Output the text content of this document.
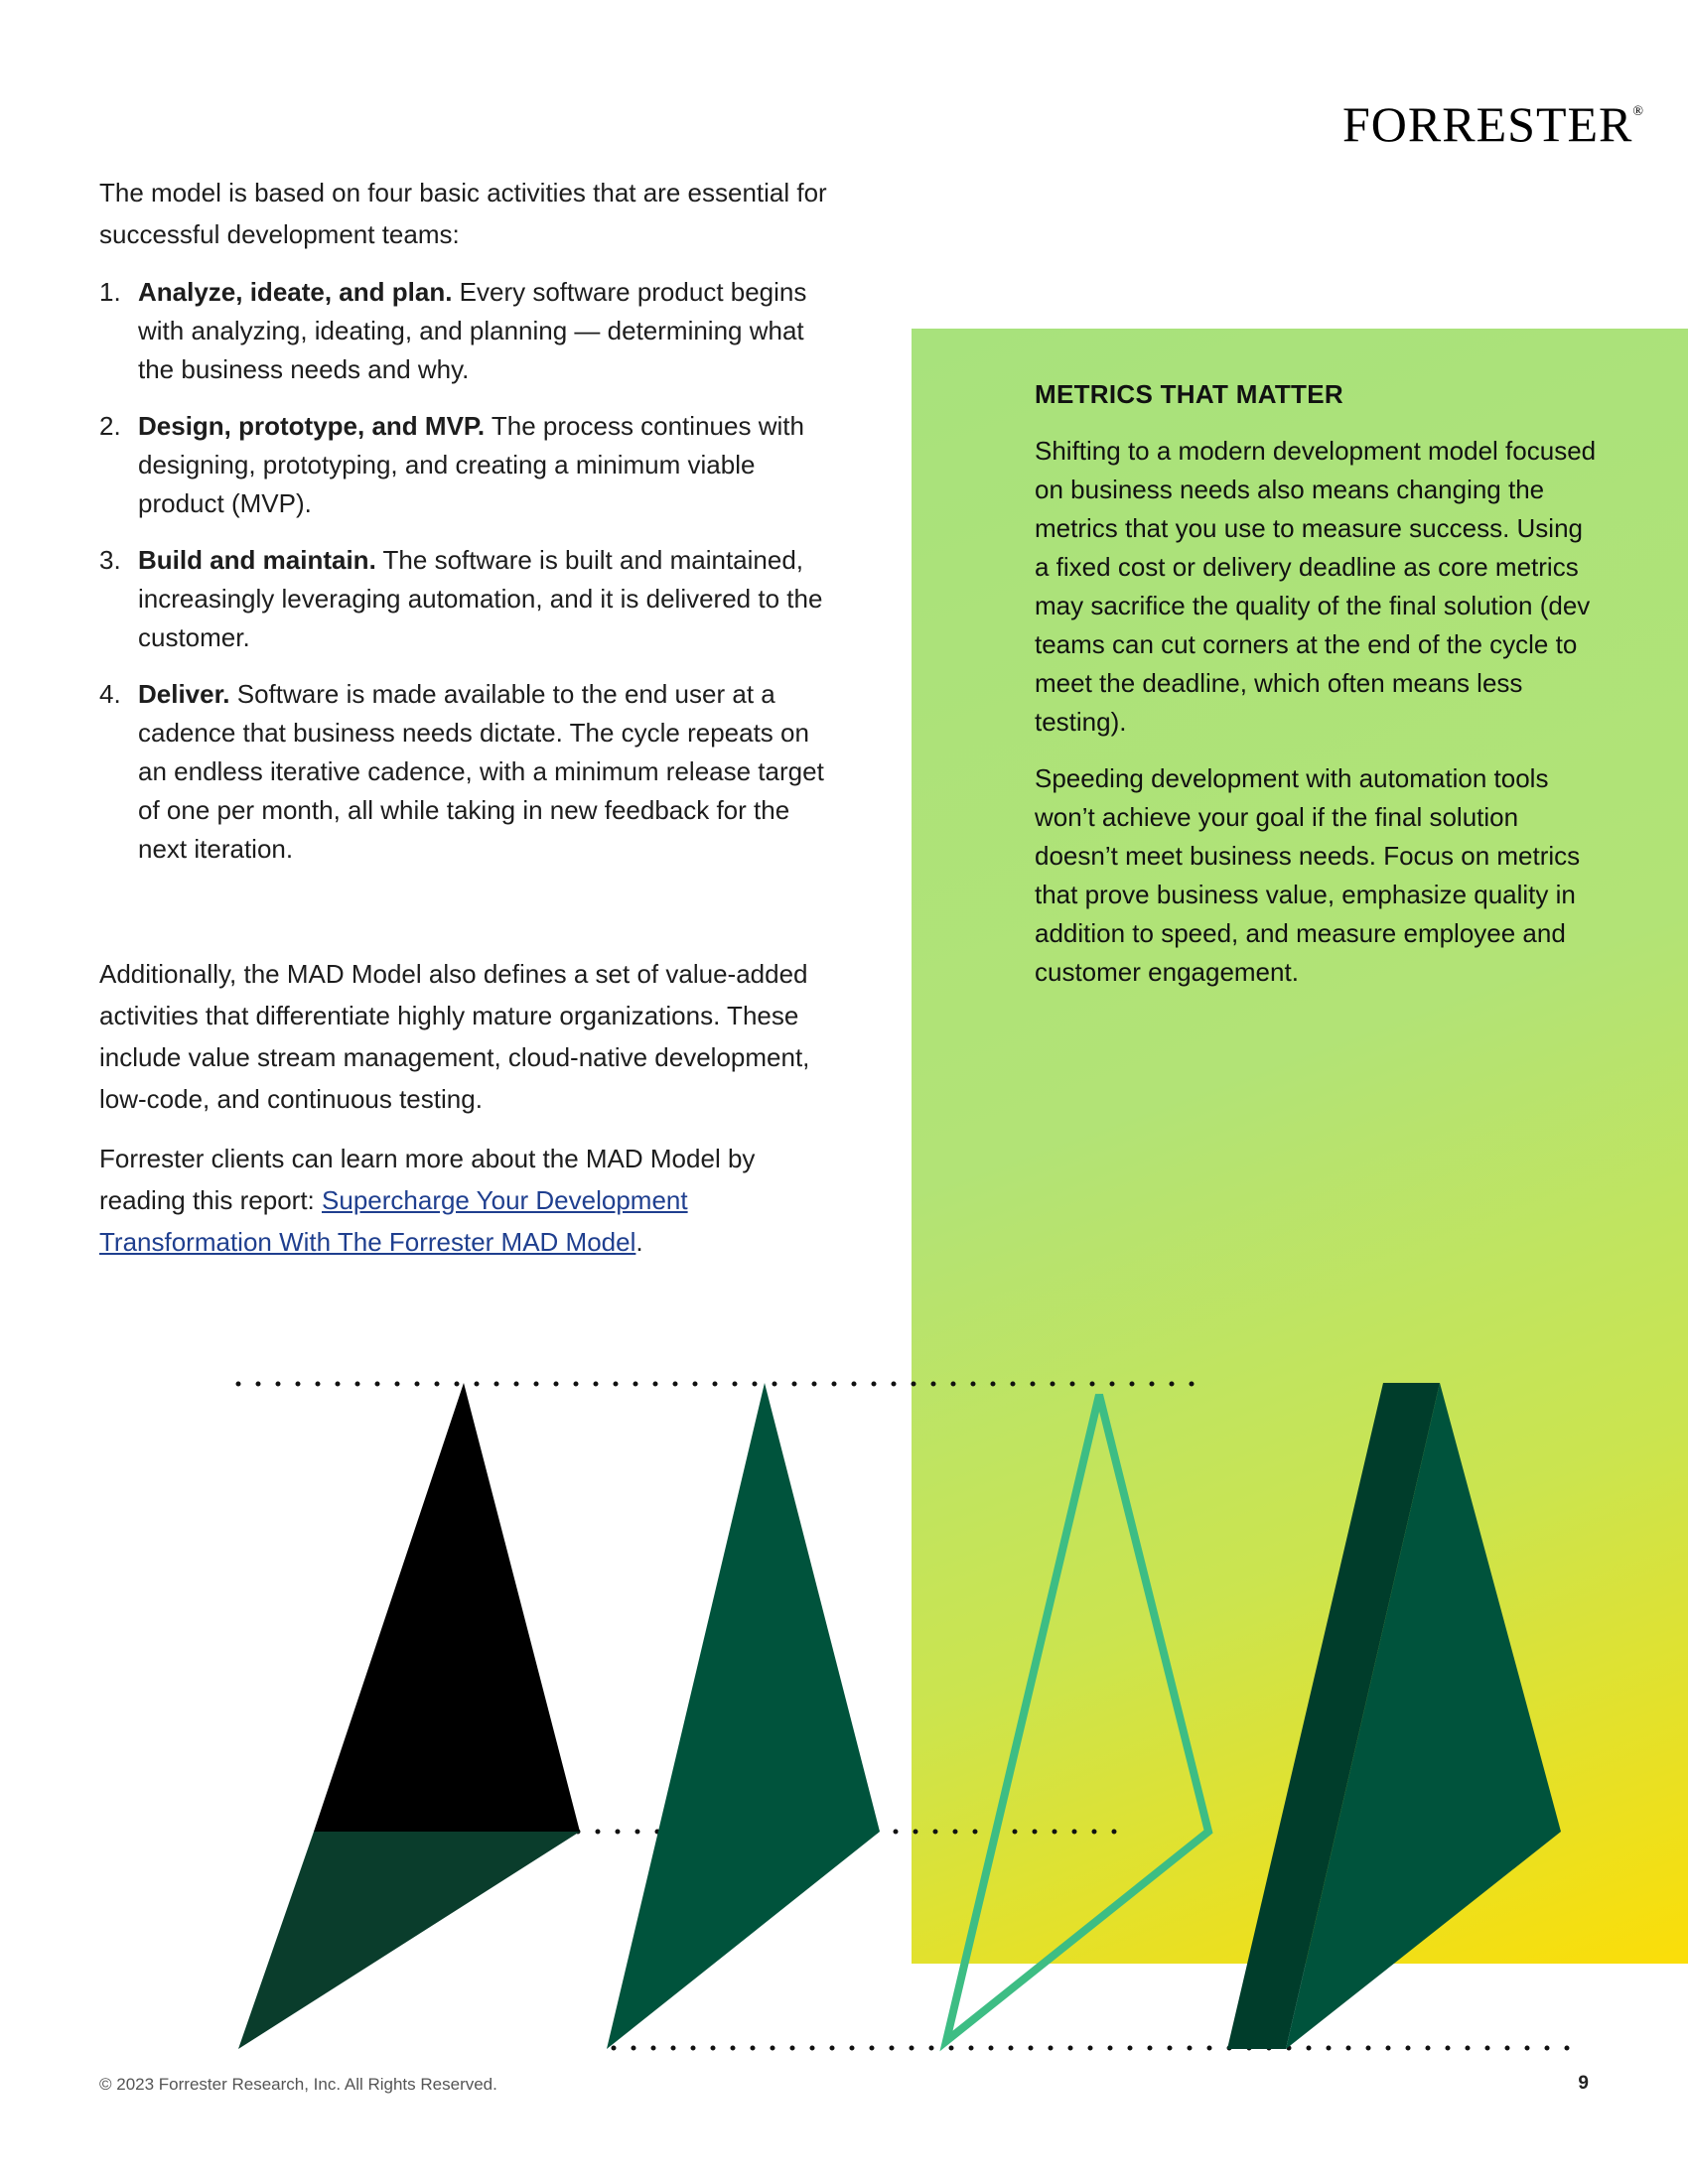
FORRESTER®

The model is based on four basic activities that are essential for successful development teams:

1. Analyze, ideate, and plan. Every software product begins with analyzing, ideating, and planning — determining what the business needs and why.
2. Design, prototype, and MVP. The process continues with designing, prototyping, and creating a minimum viable product (MVP).
3. Build and maintain. The software is built and maintained, increasingly leveraging automation, and it is delivered to the customer.
4. Deliver. Software is made available to the end user at a cadence that business needs dictate. The cycle repeats on an endless iterative cadence, with a minimum release target of one per month, all while taking in new feedback for the next iteration.

Additionally, the MAD Model also defines a set of value-added activities that differentiate highly mature organizations. These include value stream management, cloud-native development, low-code, and continuous testing.

Forrester clients can learn more about the MAD Model by reading this report: Supercharge Your Development Transformation With The Forrester MAD Model.

METRICS THAT MATTER

Shifting to a modern development model focused on business needs also means changing the metrics that you use to measure success. Using a fixed cost or delivery deadline as core metrics may sacrifice the quality of the final solution (dev teams can cut corners at the end of the cycle to meet the deadline, which often means less testing).

Speeding development with automation tools won’t achieve your goal if the final solution doesn’t meet business needs. Focus on metrics that prove business value, emphasize quality in addition to speed, and measure employee and customer engagement.

© 2023 Forrester Research, Inc. All Rights Reserved.	9
